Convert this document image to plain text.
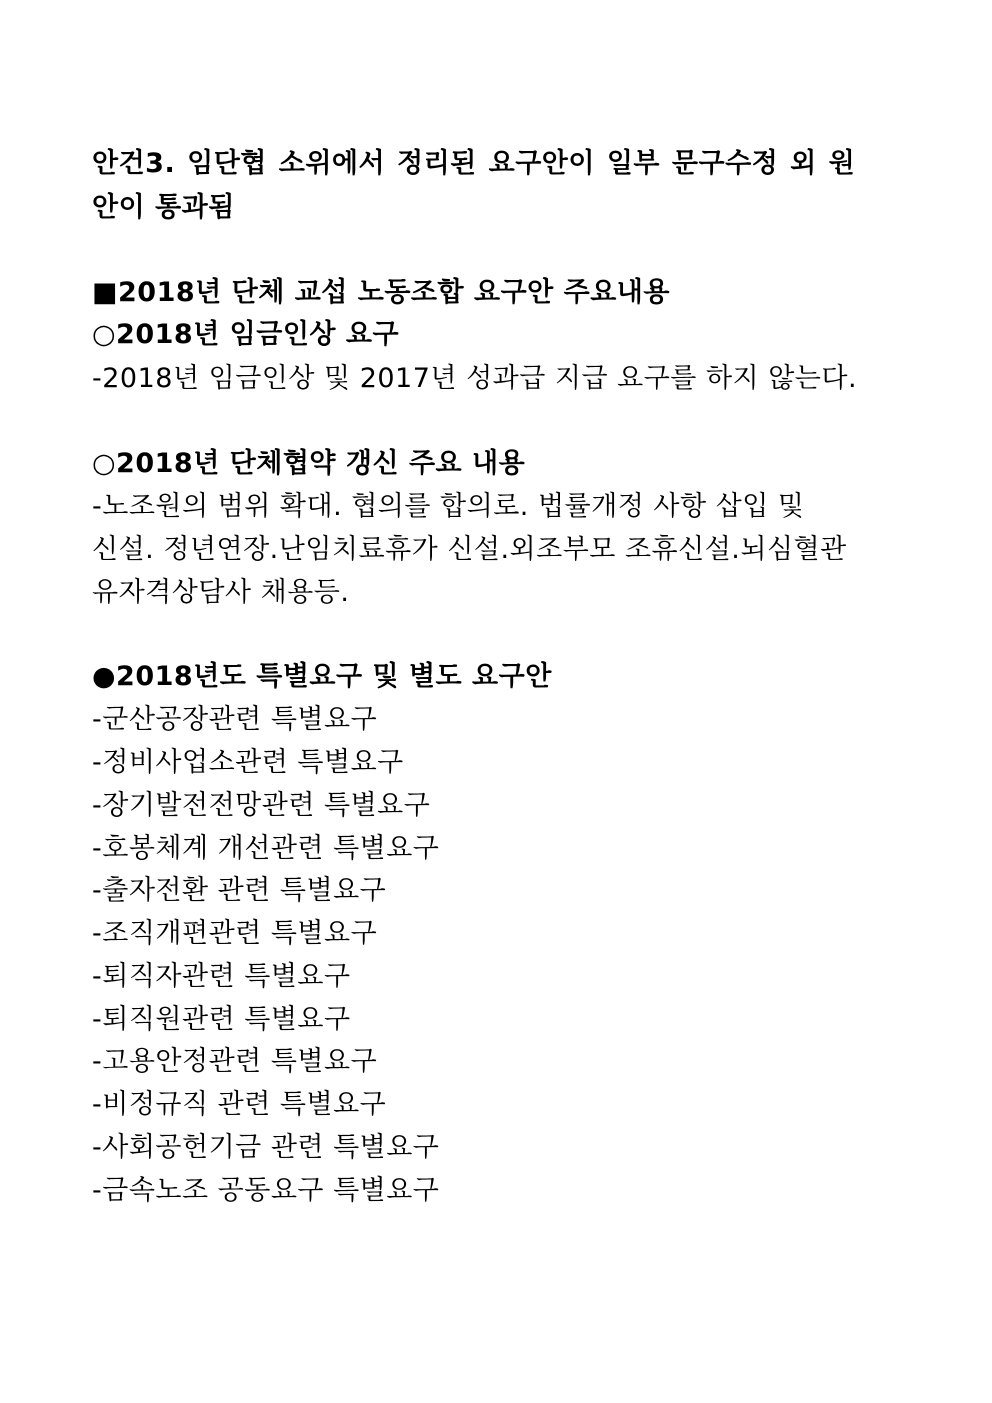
안건3. 임단협 소위에서 정리된 요구안이 일부 문구수정 외 원
안이 통과됨
■2018년 단체 교섭 노동조합 요구안 주요내용
○2018년 임금인상 요구
-2018년 임금인상 및 2017년 성과급 지급 요구를 하지 않는다.
○2018년 단체협약 갱신 주요 내용
-노조원의 범위 확대. 협의를 합의로. 법률개정 사항 삽입 및
신설. 정년연장.난임치료휴가 신설.외조부모 조휴신설.뇌심혈관
유자격상담사 채용등.
●2018년도 특별요구 및 별도 요구안
-군산공장관련 특별요구
-정비사업소관련 특별요구
-장기발전전망관련 특별요구
-호봉체계 개선관련 특별요구
-출자전환 관련 특별요구
-조직개편관련 특별요구
-퇴직자관련 특별요구
-퇴직원관련 특별요구
-고용안정관련 특별요구
-비정규직 관련 특별요구
-사회공헌기금 관련 특별요구
-금속노조 공동요구 특별요구
